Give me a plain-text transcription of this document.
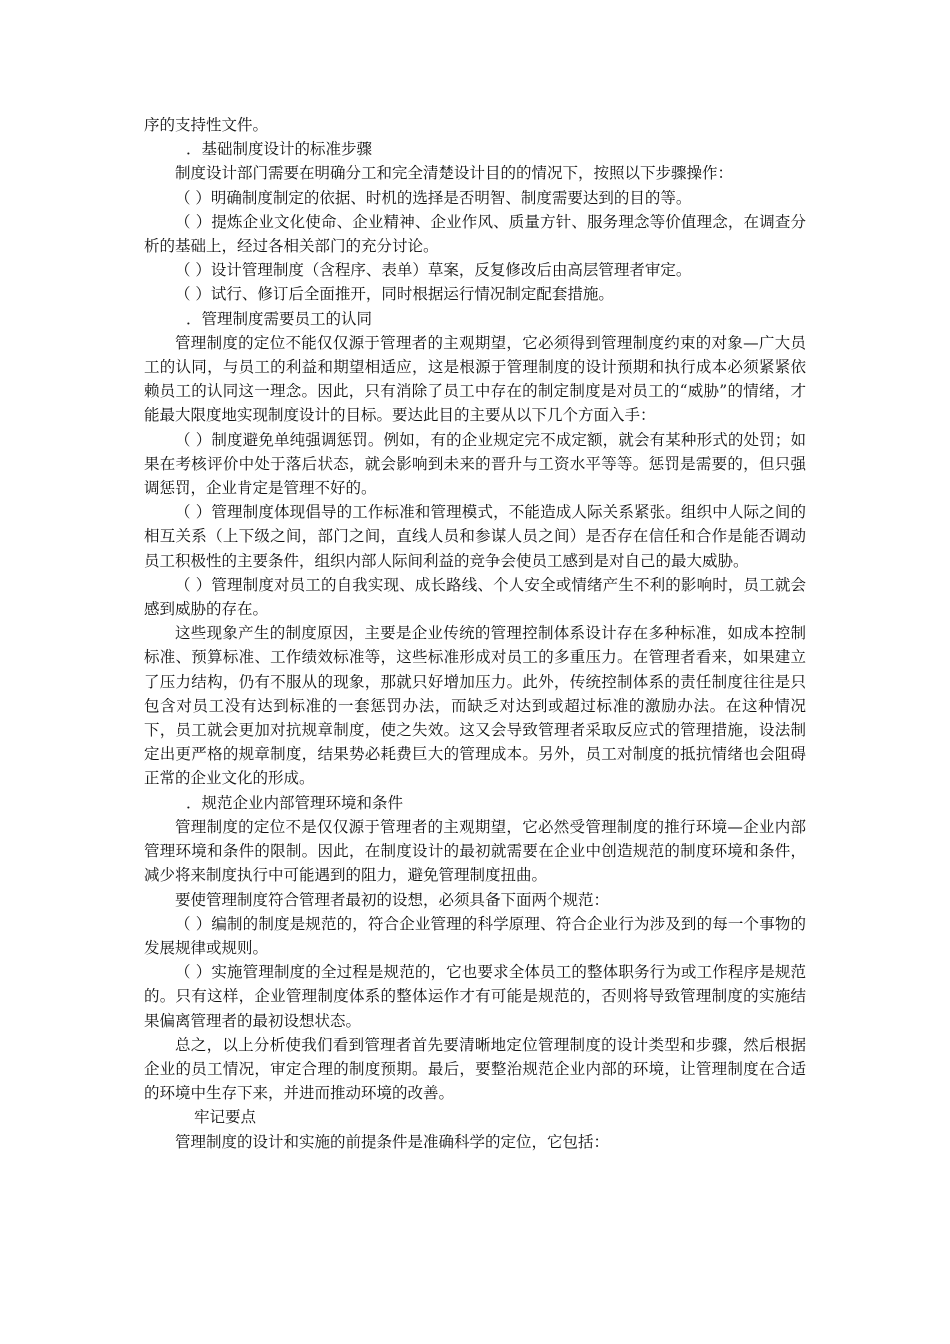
序的支持性文件。

．基础制度设计的标准步骤

制度设计部门需要在明确分工和完全清楚设计目的的情况下，按照以下步骤操作：

（ ）明确制度制定的依据、时机的选择是否明智、制度需要达到的目的等。

（ ）提炼企业文化使命、企业精神、企业作风、质量方针、服务理念等价值理念，在调查分析的基础上，经过各相关部门的充分讨论。

（ ）设计管理制度（含程序、表单）草案，反复修改后由高层管理者审定。

（ ）试行、修订后全面推开，同时根据运行情况制定配套措施。

．管理制度需要员工的认同

管理制度的定位不能仅仅源于管理者的主观期望，它必须得到管理制度约束的对象—广大员工的认同，与员工的利益和期望相适应，这是根源于管理制度的设计预期和执行成本必须紧紧依赖员工的认同这一理念。因此，只有消除了员工中存在的制定制度是对员工的“威胁”的情绪，才能最大限度地实现制度设计的目标。要达此目的主要从以下几个方面入手：

（ ）制度避免单纯强调惩罚。例如，有的企业规定完不成定额，就会有某种形式的处罚；如果在考核评价中处于落后状态，就会影响到未来的晋升与工资水平等等。惩罚是需要的，但只强调惩罚，企业肯定是管理不好的。

（ ）管理制度体现倡导的工作标准和管理模式，不能造成人际关系紧张。组织中人际之间的相互关系（上下级之间，部门之间，直线人员和参谋人员之间）是否存在信任和合作是能否调动员工积极性的主要条件，组织内部人际间利益的竞争会使员工感到是对自己的最大威胁。

（ ）管理制度对员工的自我实现、成长路线、个人安全或情绪产生不利的影响时，员工就会感到威胁的存在。

这些现象产生的制度原因，主要是企业传统的管理控制体系设计存在多种标准，如成本控制标准、预算标准、工作绩效标准等，这些标准形成对员工的多重压力。在管理者看来，如果建立了压力结构，仍有不服从的现象，那就只好增加压力。此外，传统控制体系的责任制度往往是只包含对员工没有达到标准的一套惩罚办法，而缺乏对达到或超过标准的激励办法。在这种情况下，员工就会更加对抗规章制度，使之失效。这又会导致管理者采取反应式的管理措施，设法制定出更严格的规章制度，结果势必耗费巨大的管理成本。另外，员工对制度的抵抗情绪也会阻碍正常的企业文化的形成。

．规范企业内部管理环境和条件

管理制度的定位不是仅仅源于管理者的主观期望，它必然受管理制度的推行环境—企业内部管理环境和条件的限制。因此，在制度设计的最初就需要在企业中创造规范的制度环境和条件，减少将来制度执行中可能遇到的阻力，避免管理制度扭曲。

要使管理制度符合管理者最初的设想，必须具备下面两个规范：

（ ）编制的制度是规范的，符合企业管理的科学原理、符合企业行为涉及到的每一个事物的发展规律或规则。

（ ）实施管理制度的全过程是规范的，它也要求全体员工的整体职务行为或工作程序是规范的。只有这样，企业管理制度体系的整体运作才有可能是规范的，否则将导致管理制度的实施结果偏离管理者的最初设想状态。

总之，以上分析使我们看到管理者首先要清晰地定位管理制度的设计类型和步骤，然后根据企业的员工情况，审定合理的制度预期。最后，要整治规范企业内部的环境，让管理制度在合适的环境中生存下来，并进而推动环境的改善。

牢记要点

管理制度的设计和实施的前提条件是准确科学的定位，它包括：
